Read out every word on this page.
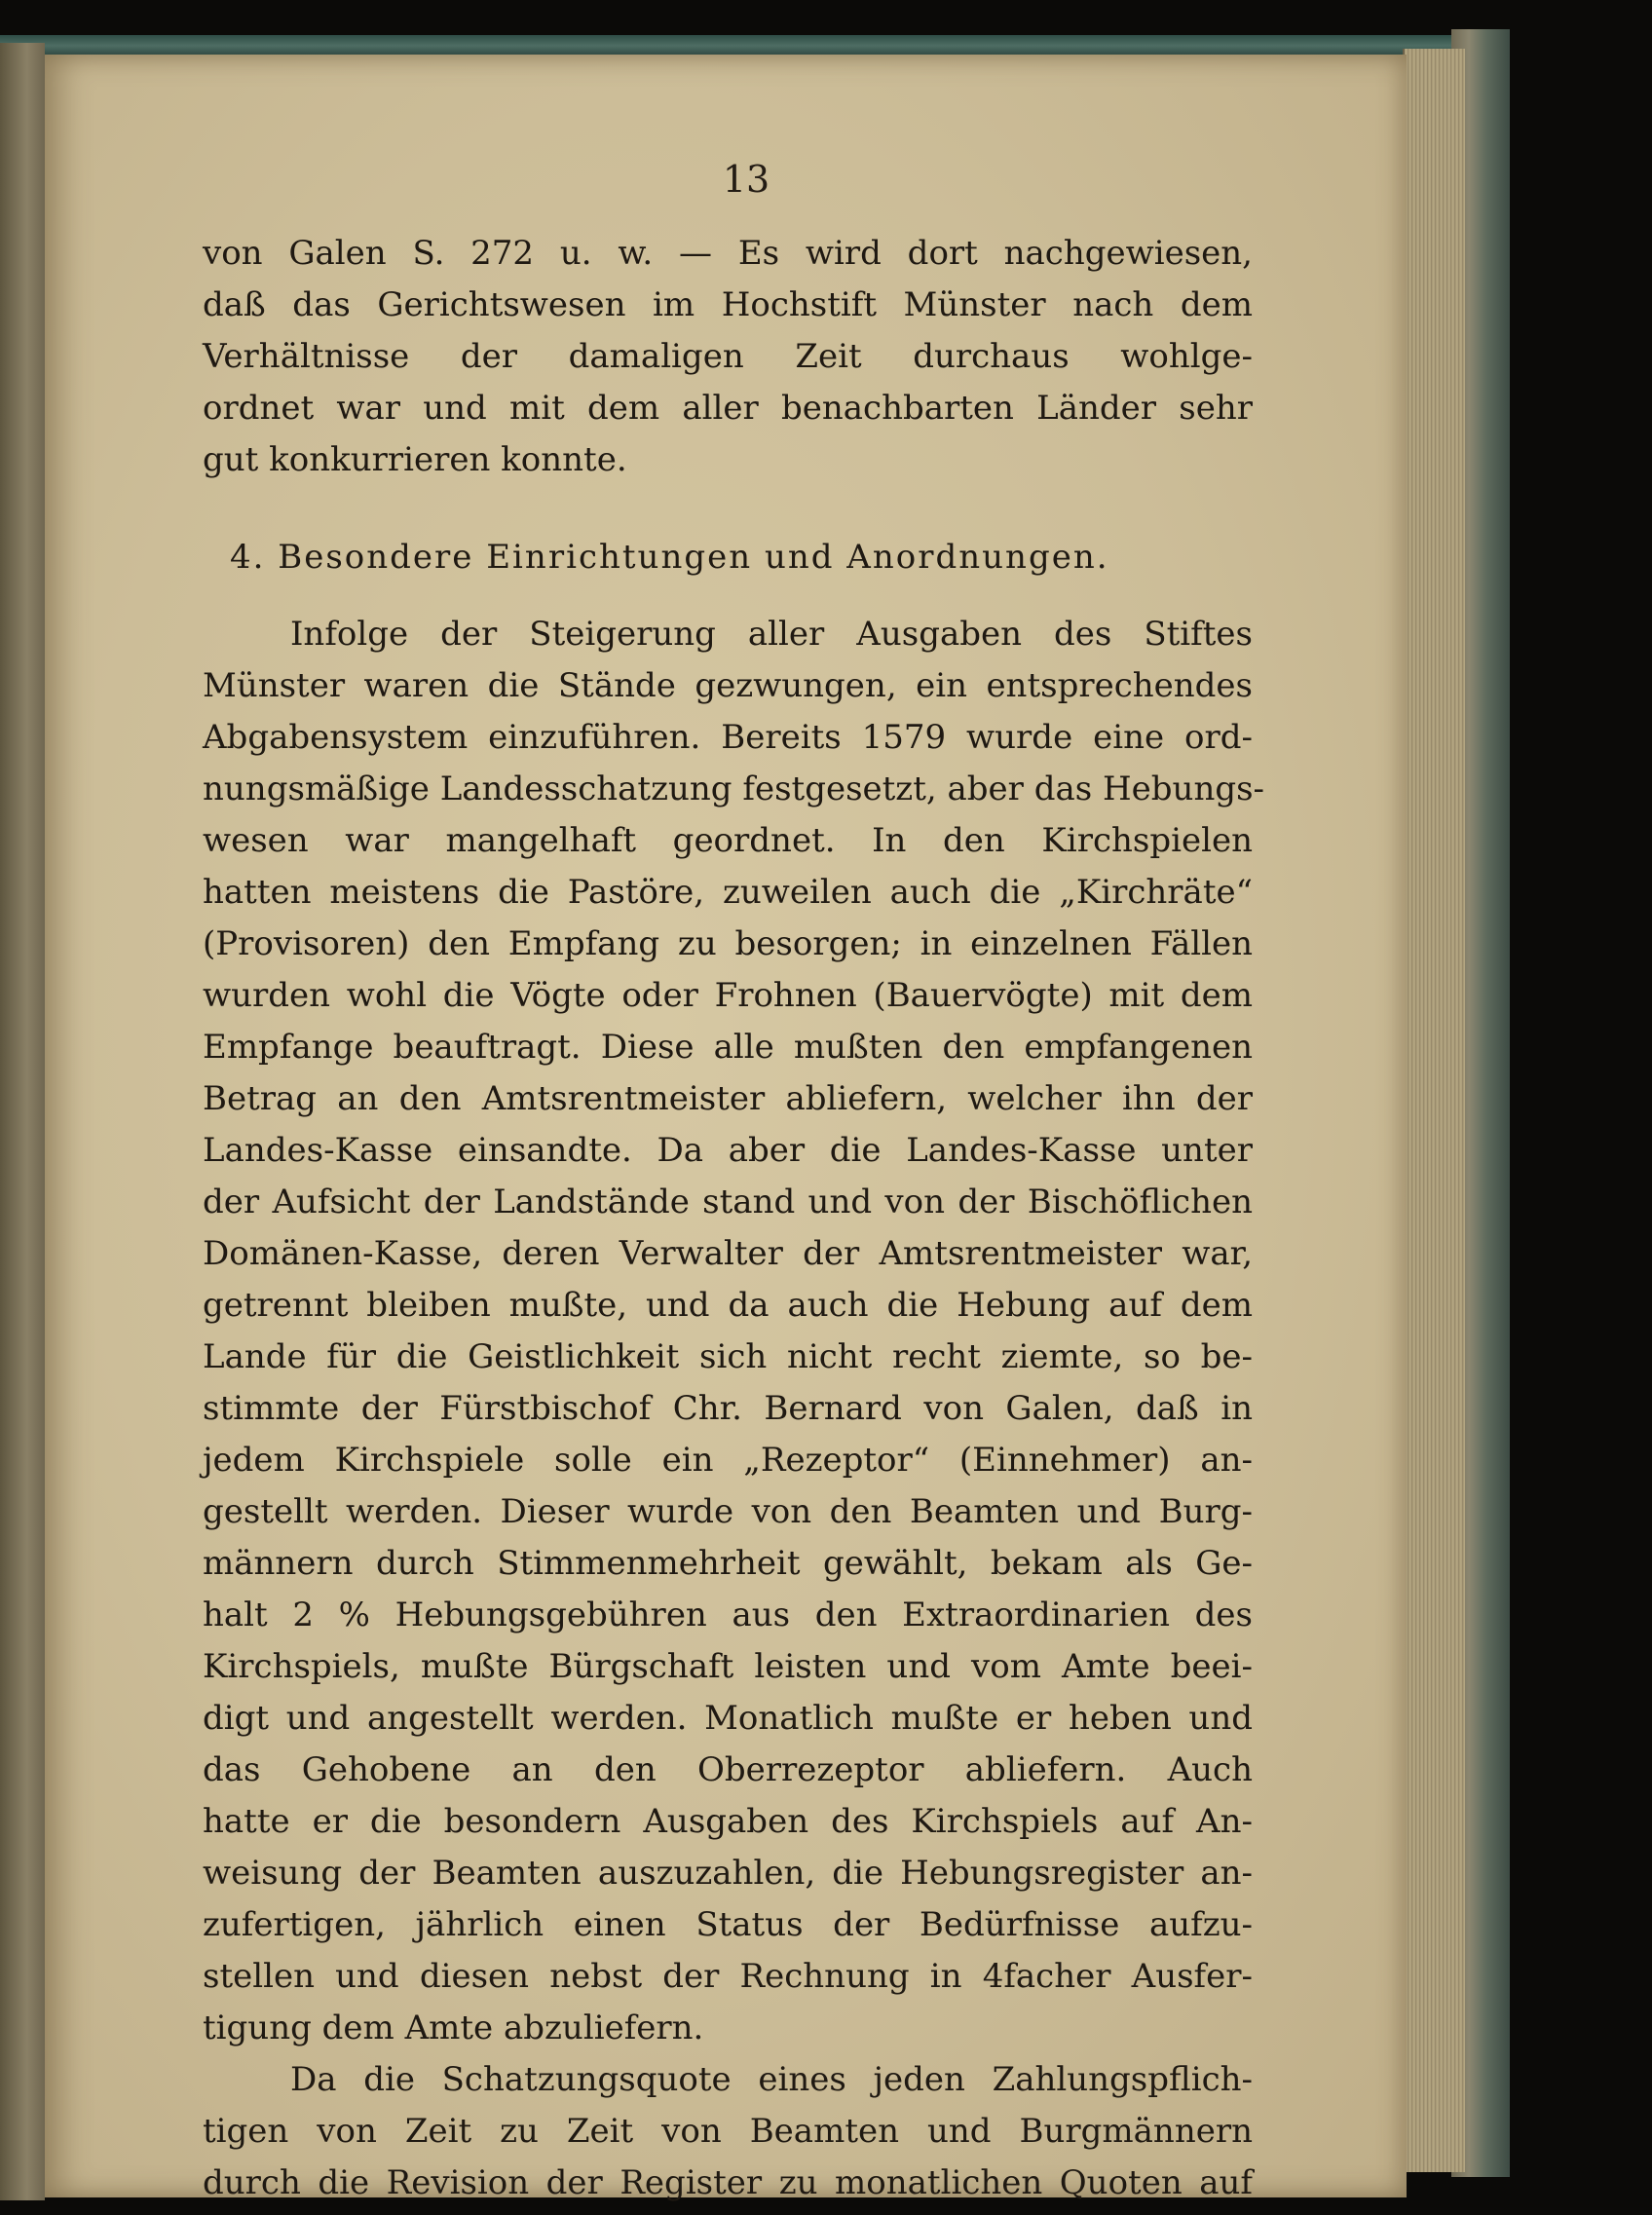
13
von Galen S. 272 u. w. — Es wird dort nachgewiesen,
daß das Gerichtswesen im Hochstift Münster nach dem
Verhältnisse der damaligen Zeit durchaus wohlge-
ordnet war und mit dem aller benachbarten Länder sehr
gut konkurrieren konnte.
4. Besondere Einrichtungen und Anordnungen.
Infolge der Steigerung aller Ausgaben des Stiftes
Münster waren die Stände gezwungen, ein entsprechendes
Abgabensystem einzuführen. Bereits 1579 wurde eine ord-
nungsmäßige Landesschatzung festgesetzt, aber das Hebungs-
wesen war mangelhaft geordnet. In den Kirchspielen
hatten meistens die Pastöre, zuweilen auch die „Kirchräte“
(Provisoren) den Empfang zu besorgen; in einzelnen Fällen
wurden wohl die Vögte oder Frohnen (Bauervögte) mit dem
Empfange beauftragt. Diese alle mußten den empfangenen
Betrag an den Amtsrentmeister abliefern, welcher ihn der
Landes-Kasse einsandte. Da aber die Landes-Kasse unter
der Aufsicht der Landstände stand und von der Bischöflichen
Domänen-Kasse, deren Verwalter der Amtsrentmeister war,
getrennt bleiben mußte, und da auch die Hebung auf dem
Lande für die Geistlichkeit sich nicht recht ziemte, so be-
stimmte der Fürstbischof Chr. Bernard von Galen, daß in
jedem Kirchspiele solle ein „Rezeptor“ (Einnehmer) an-
gestellt werden. Dieser wurde von den Beamten und Burg-
männern durch Stimmenmehrheit gewählt, bekam als Ge-
halt 2 % Hebungsgebühren aus den Extraordinarien des
Kirchspiels, mußte Bürgschaft leisten und vom Amte beei-
digt und angestellt werden. Monatlich mußte er heben und
das Gehobene an den Oberrezeptor abliefern. Auch
hatte er die besondern Ausgaben des Kirchspiels auf An-
weisung der Beamten auszuzahlen, die Hebungsregister an-
zufertigen, jährlich einen Status der Bedürfnisse aufzu-
stellen und diesen nebst der Rechnung in 4facher Ausfer-
tigung dem Amte abzuliefern.
Da die Schatzungsquote eines jeden Zahlungspflich-
tigen von Zeit zu Zeit von Beamten und Burgmännern
durch die Revision der Register zu monatlichen Quoten auf
